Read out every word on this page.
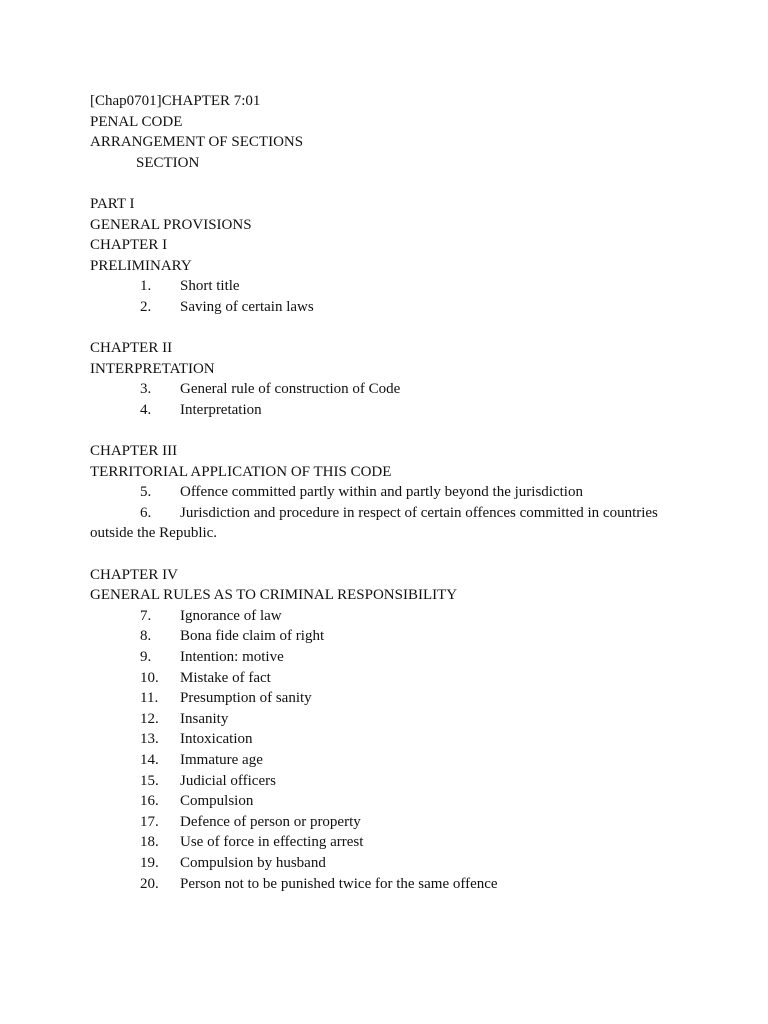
[Chap0701]CHAPTER 7:01
PENAL CODE
ARRANGEMENT OF SECTIONS
SECTION
PART I
GENERAL PROVISIONS
CHAPTER I
PRELIMINARY
1.	Short title
2.	Saving of certain laws
CHAPTER II
INTERPRETATION
3.	General rule of construction of Code
4.	Interpretation
CHAPTER III
TERRITORIAL APPLICATION OF THIS CODE
5.	Offence committed partly within and partly beyond the jurisdiction
6.	Jurisdiction and procedure in respect of certain offences committed in countries
outside the Republic.
CHAPTER IV
GENERAL RULES AS TO CRIMINAL RESPONSIBILITY
7.	Ignorance of law
8.	Bona fide claim of right
9.	Intention: motive
10.	Mistake of fact
11.	Presumption of sanity
12.	Insanity
13.	Intoxication
14.	Immature age
15.	Judicial officers
16.	Compulsion
17.	Defence of person or property
18.	Use of force in effecting arrest
19.	Compulsion by husband
20.	Person not to be punished twice for the same offence
